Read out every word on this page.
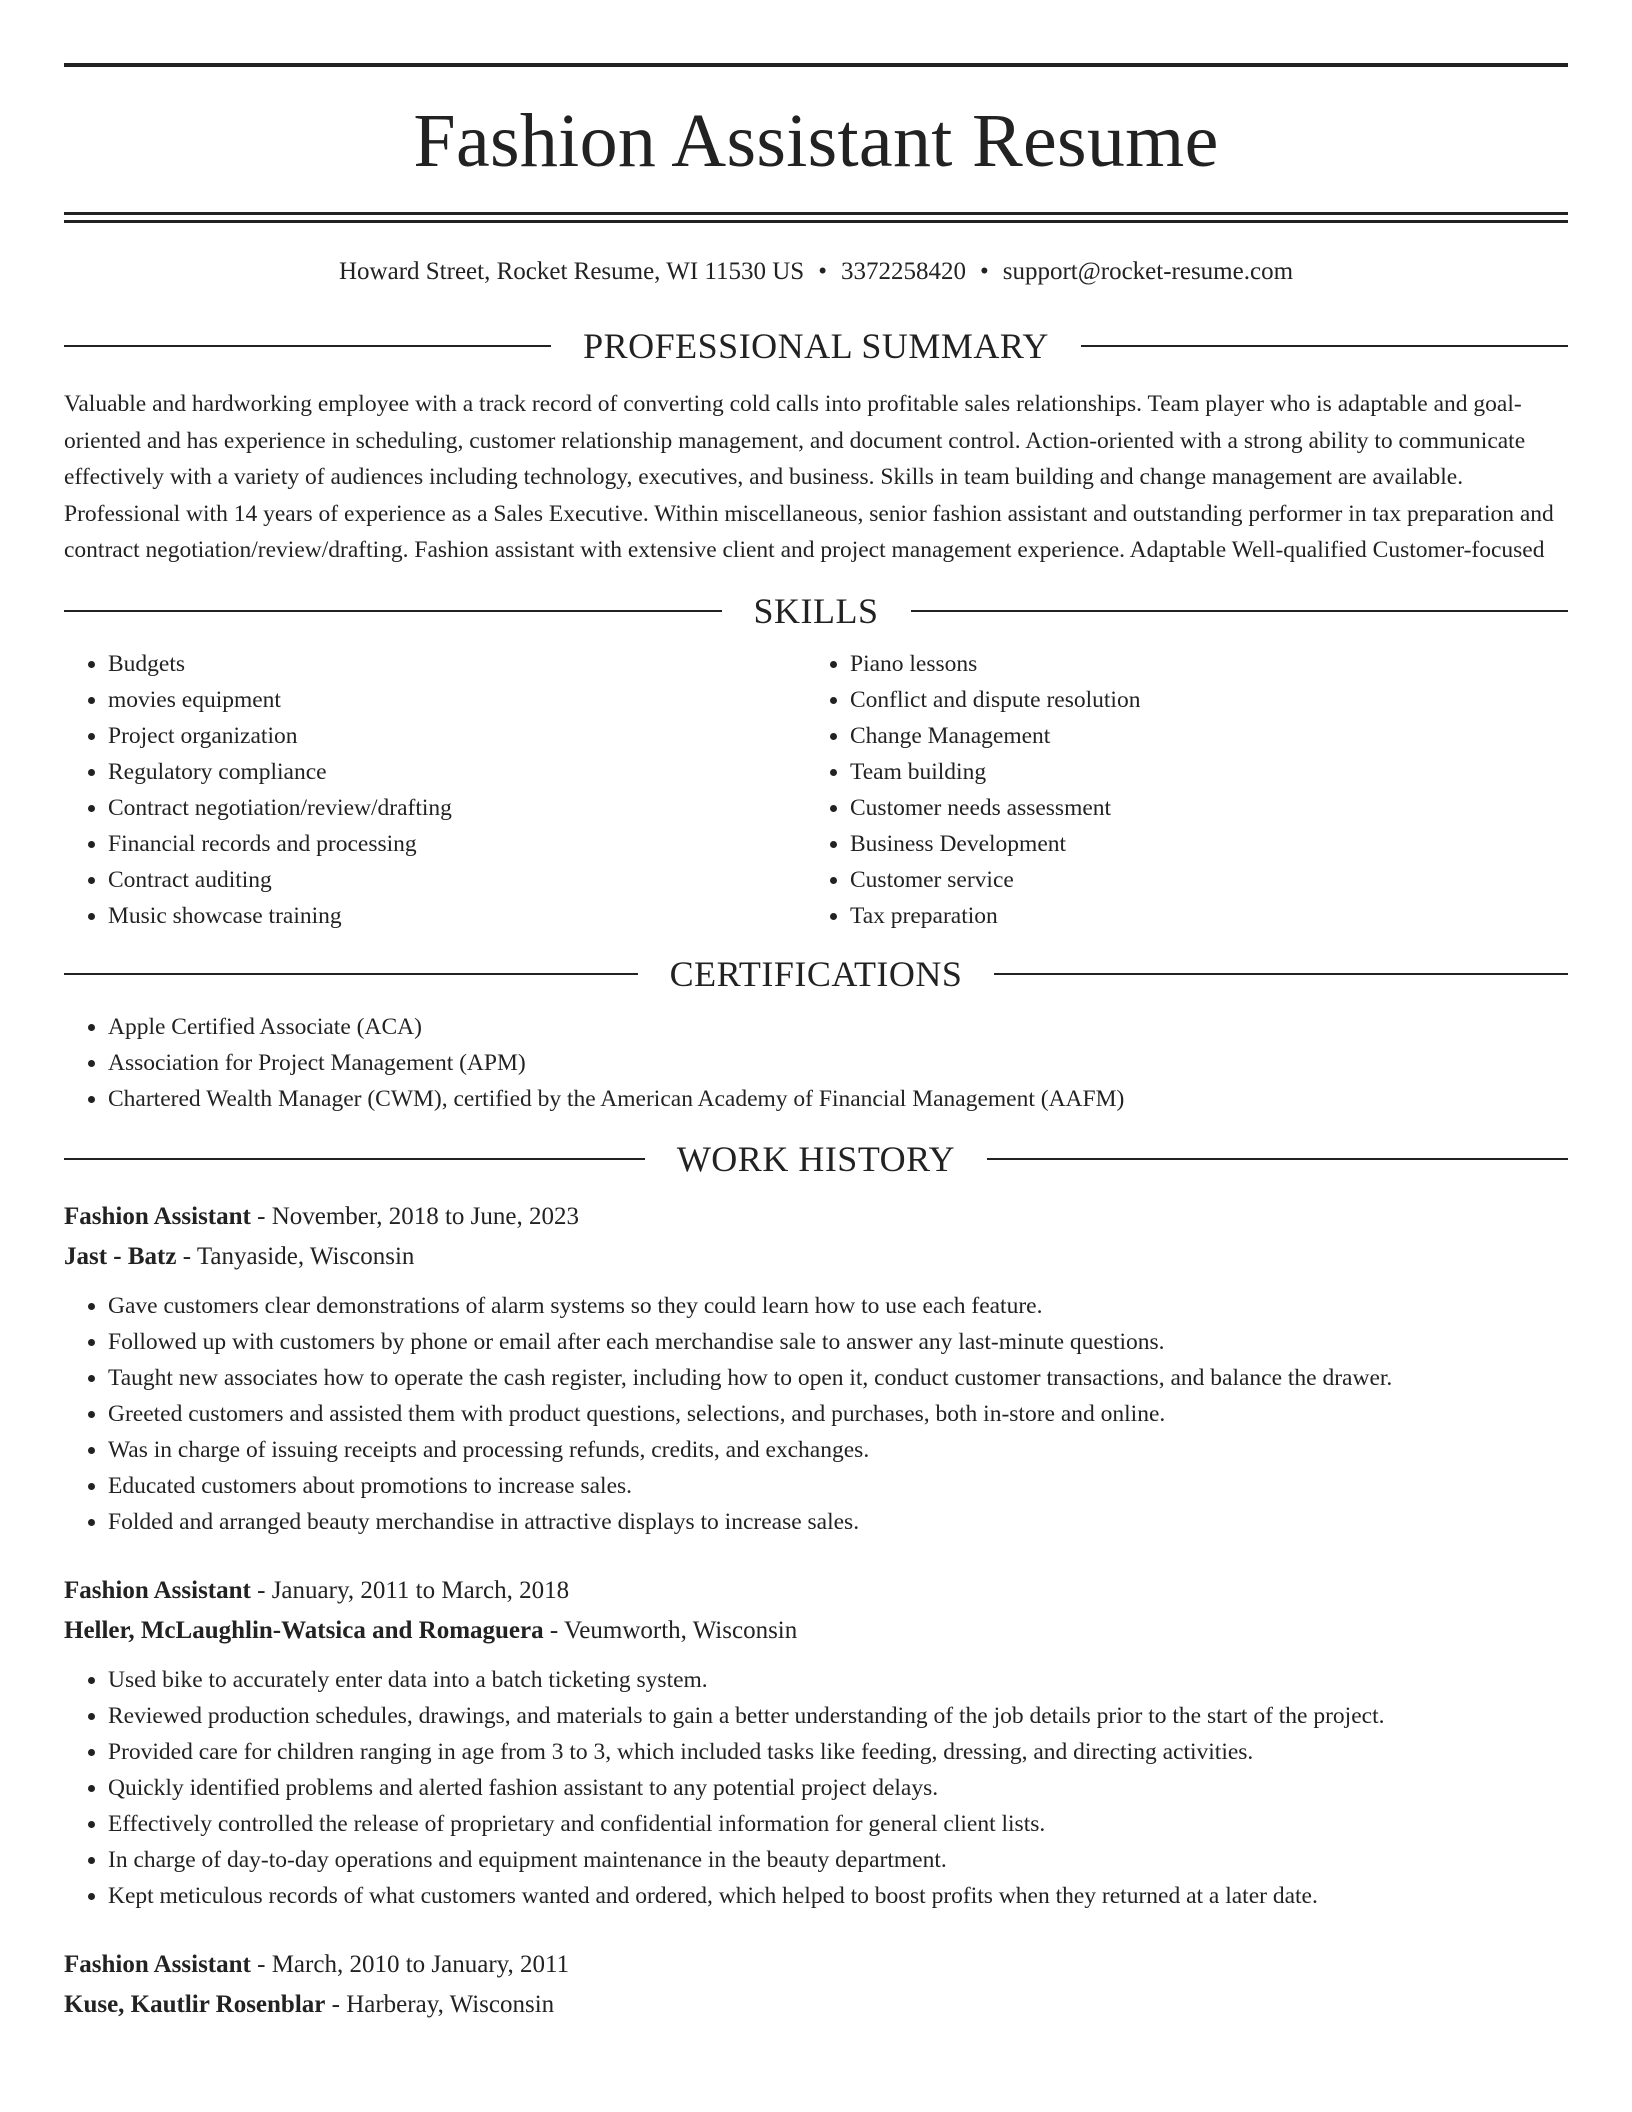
Fashion Assistant Resume
Howard Street, Rocket Resume, WI 11530 US • 3372258420 • support@rocket-resume.com
PROFESSIONAL SUMMARY

Valuable and hardworking employee with a track record of converting cold calls into profitable sales relationships. Team player who is adaptable and goal-oriented and has experience in scheduling, customer relationship management, and document control. Action-oriented with a strong ability to communicate effectively with a variety of audiences including technology, executives, and business. Skills in team building and change management are available. Professional with 14 years of experience as a Sales Executive. Within miscellaneous, senior fashion assistant and outstanding performer in tax preparation and contract negotiation/review/drafting. Fashion assistant with extensive client and project management experience. Adaptable Well-qualified Customer-focused

SKILLS
• Budgets
• movies equipment
• Project organization
• Regulatory compliance
• Contract negotiation/review/drafting
• Financial records and processing
• Contract auditing
• Music showcase training
• Piano lessons
• Conflict and dispute resolution
• Change Management
• Team building
• Customer needs assessment
• Business Development
• Customer service
• Tax preparation
CERTIFICATIONS
• Apple Certified Associate (ACA)
• Association for Project Management (APM)
• Chartered Wealth Manager (CWM), certified by the American Academy of Financial Management (AAFM)
WORK HISTORY
Fashion Assistant - November, 2018 to June, 2023
Jast - Batz - Tanyaside, Wisconsin
• Gave customers clear demonstrations of alarm systems so they could learn how to use each feature.
• Followed up with customers by phone or email after each merchandise sale to answer any last-minute questions.
• Taught new associates how to operate the cash register, including how to open it, conduct customer transactions, and balance the drawer.
• Greeted customers and assisted them with product questions, selections, and purchases, both in-store and online.
• Was in charge of issuing receipts and processing refunds, credits, and exchanges.
• Educated customers about promotions to increase sales.
• Folded and arranged beauty merchandise in attractive displays to increase sales.
Fashion Assistant - January, 2011 to March, 2018
Heller, McLaughlin-Watsica and Romaguera - Veumworth, Wisconsin
• Used bike to accurately enter data into a batch ticketing system.
• Reviewed production schedules, drawings, and materials to gain a better understanding of the job details prior to the start of the project.
• Provided care for children ranging in age from 3 to 3, which included tasks like feeding, dressing, and directing activities.
• Quickly identified problems and alerted fashion assistant to any potential project delays.
• Effectively controlled the release of proprietary and confidential information for general client lists.
• In charge of day-to-day operations and equipment maintenance in the beauty department.
• Kept meticulous records of what customers wanted and ordered, which helped to boost profits when they returned at a later date.
Fashion Assistant - March, 2010 to January, 2011
Kuse, Kautlir Rosenblar - Harberay, Wisconsin
